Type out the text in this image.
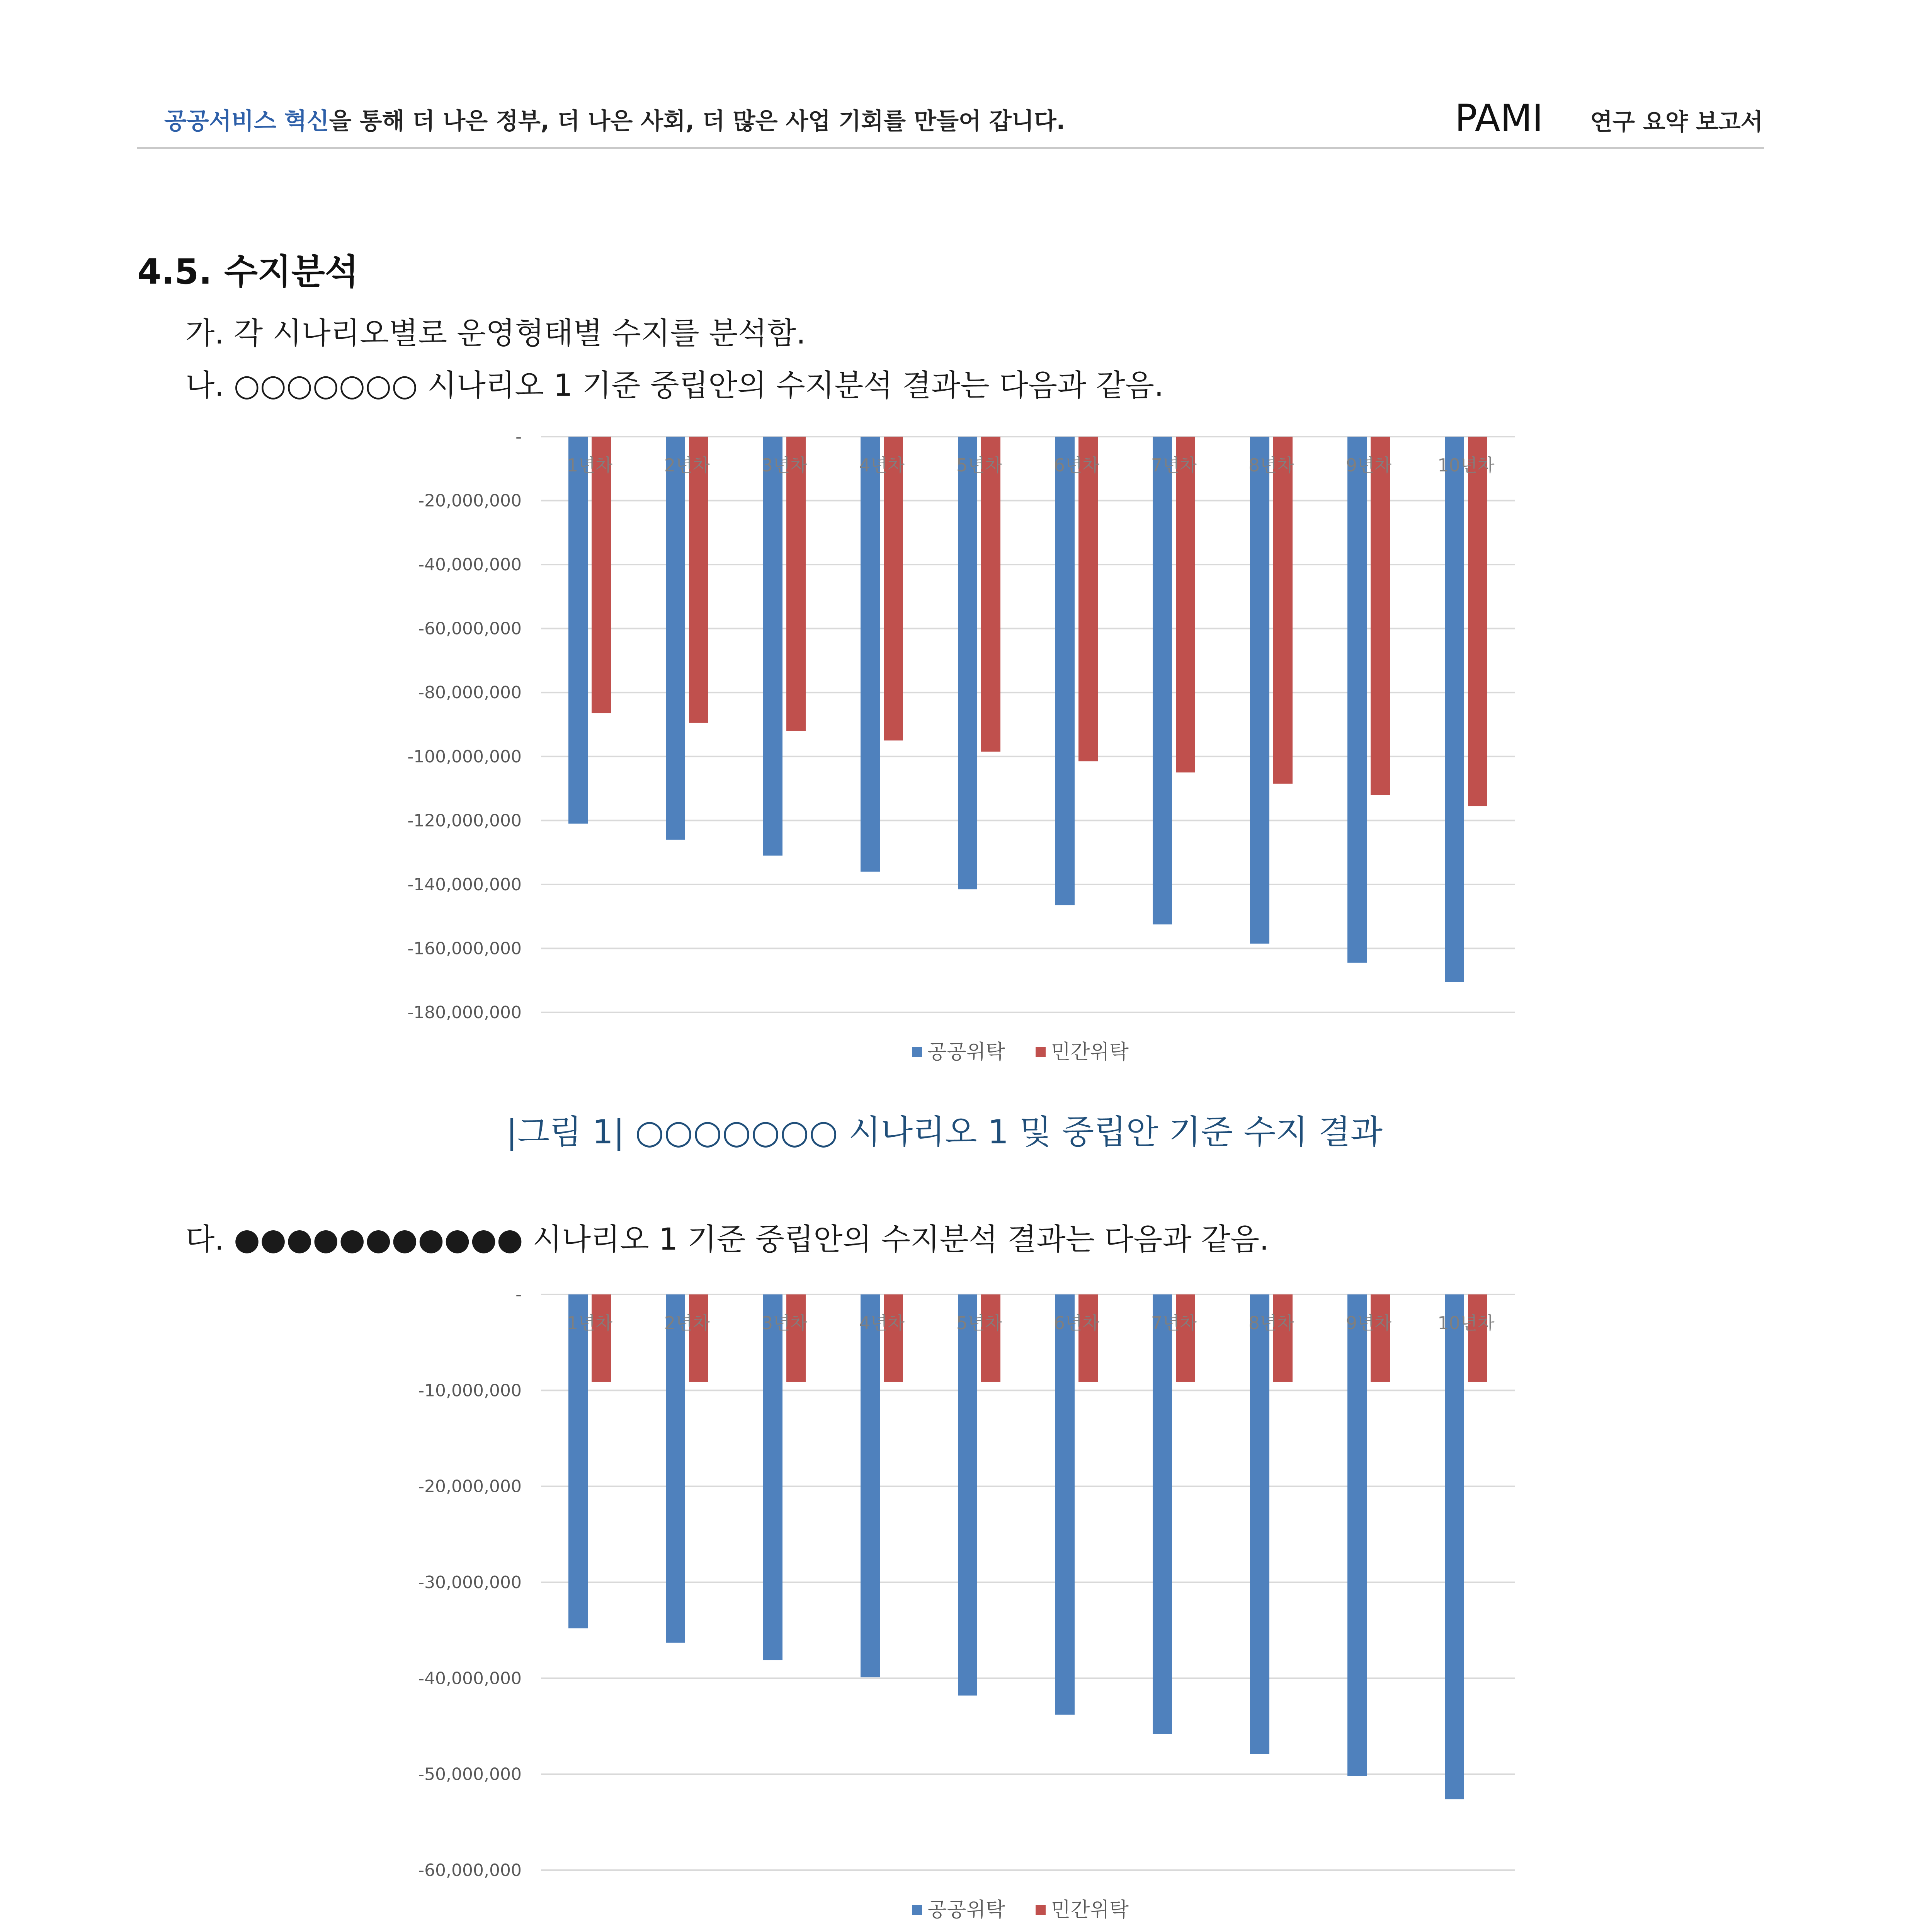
공공서비스 혁신을 통해 더 나은 정부, 더 나은 사회, 더 많은 사업 기회를 만들어 갑니다.	PAMI 연구 요약 보고서
4.5. 수지분석
가. 각 시나리오별로 운영형태별 수지를 분석함.
나. ○○○○○○○ 시나리오 1 기준 중립안의 수지분석 결과는 다음과 같음.
-
-20,000,000
-40,000,000
-60,000,000
-80,000,000
-100,000,000
-120,000,000
-140,000,000
-160,000,000
-180,000,000
1년차	2년차	3년차	4년차	5년차	6년차	7년차	8년차	9년차	10년차
공공위탁 민간위탁
|그림 1| ○○○○○○○ 시나리오 1 및 중립안 기준 수지 결과
다. ●●●●●●●●●●● 시나리오 1 기준 중립안의 수지분석 결과는 다음과 같음.
-
-10,000,000
-20,000,000
-30,000,000
-40,000,000
-50,000,000
-60,000,000
1년차	2년차	3년차	4년차	5년차	6년차	7년차	8년차	9년차	10년차
공공위탁 민간위탁
